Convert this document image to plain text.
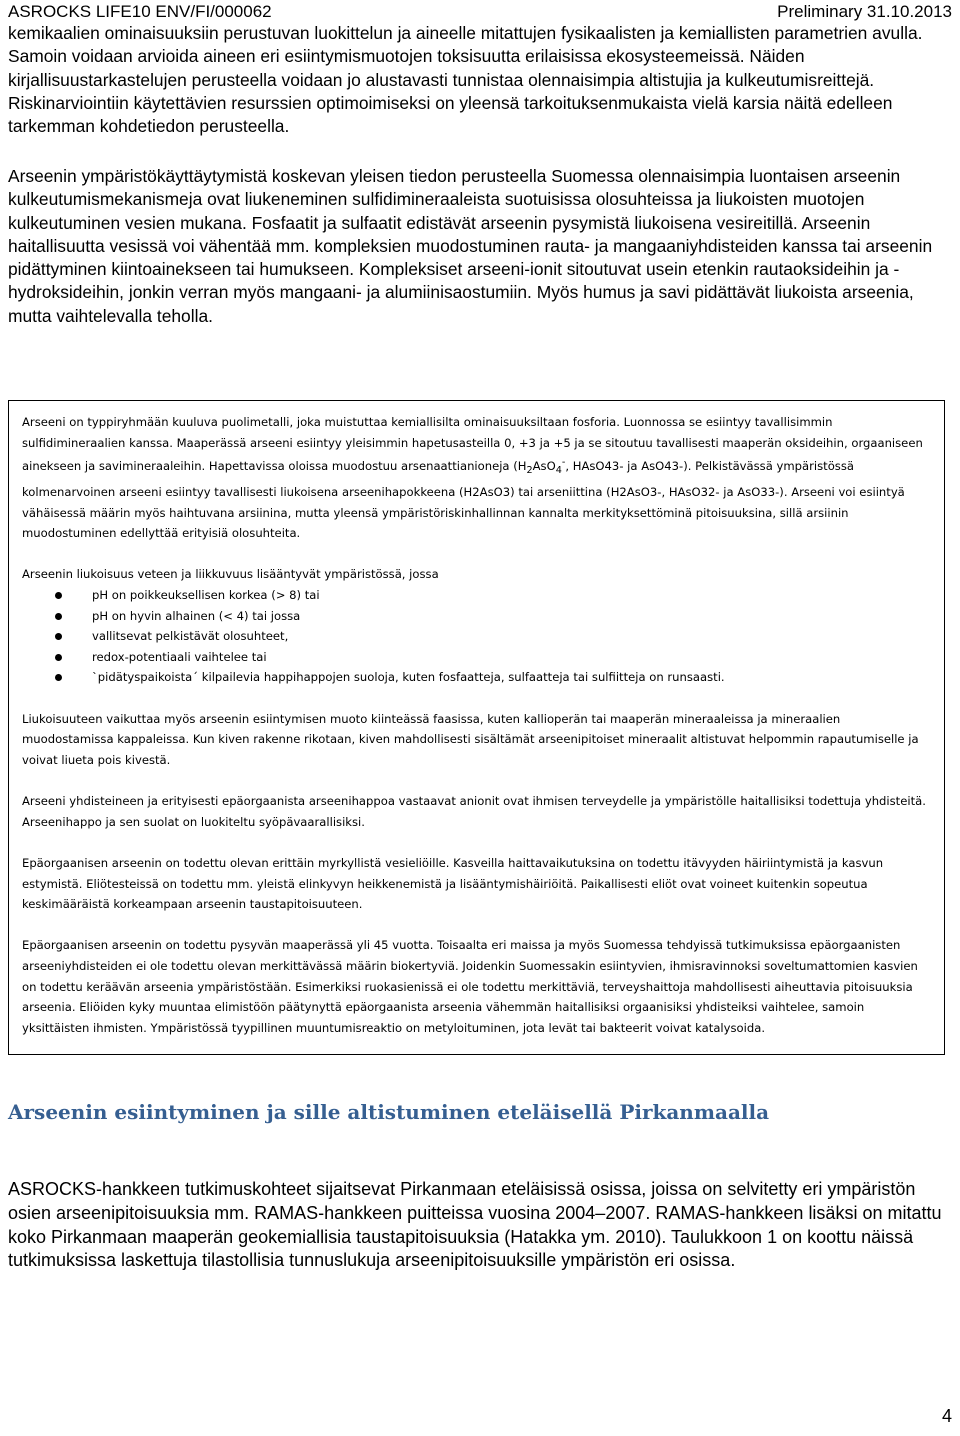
ASROCKS LIFE10 ENV/FI/000062	Preliminary 31.10.2013

kemikaalien ominaisuuksiin perustuvan luokittelun ja aineelle mitattujen fysikaalisten ja kemiallisten parametrien avulla. Samoin voidaan arvioida aineen eri esiintymismuotojen toksisuutta erilaisissa ekosysteemeissä. Näiden kirjallisuustarkastelujen perusteella voidaan jo alustavasti tunnistaa olennaisimpia altistujia ja kulkeutumisreittejä. Riskinarviointiin käytettävien resurssien optimoimiseksi on yleensä tarkoituksenmukaista vielä karsia näitä edelleen tarkemman kohdetiedon perusteella.

Arseenin ympäristökäyttäytymistä koskevan yleisen tiedon perusteella Suomessa olennaisimpia luontaisen arseenin kulkeutumismekanismeja ovat liukeneminen sulfidimineraaleista suotuisissa olosuhteissa ja liukoisten muotojen kulkeutuminen vesien mukana. Fosfaatit ja sulfaatit edistävät arseenin pysymistä liukoisena vesireitillä. Arseenin haitallisuutta vesissä voi vähentää mm. kompleksien muodostuminen rauta- ja mangaaniyhdisteiden kanssa tai arseenin pidättyminen kiintoainekseen tai humukseen. Kompleksiset arseeni-ionit sitoutuvat usein etenkin rautaoksideihin ja -hydroksideihin, jonkin verran myös mangaani- ja alumiinisaostumiin. Myös humus ja savi pidättävät liukoista arseenia, mutta vaihtelevalla teholla.

Arseeni on typpiryhmään kuuluva puolimetalli, joka muistuttaa kemiallisilta ominaisuuksiltaan fosforia. Luonnossa se esiintyy tavallisimmin sulfidimineraalien kanssa. Maaperässä arseeni esiintyy yleisimmin hapetusasteilla 0, +3 ja +5 ja se sitoutuu tavallisesti maaperän oksideihin, orgaaniseen ainekseen ja savimineraaleihin. Hapettavissa oloissa muodostuu arsenaattianioneja ($H_2AsO_4^-$, HAsO43- ja AsO43-). Pelkistävässä ympäristössä kolmenarvoinen arseeni esiintyy tavallisesti liukoisena arseenihapokkeena (H2AsO3) tai arseniittina (H2AsO3-, HAsO32- ja AsO33-). Arseeni voi esiintyä vähäisessä määrin myös haihtuvana arsiinina, mutta yleensä ympäristöriskinhallinnan kannalta merkityksettöminä pitoisuuksina, sillä arsiinin muodostuminen edellyttää erityisiä olosuhteita.

Arseenin liukoisuus veteen ja liikkuvuus lisääntyvät ympäristössä, jossa

pH on poikkeuksellisen korkea (> 8) tai
pH on hyvin alhainen (< 4) tai jossa
vallitsevat pelkistävät olosuhteet,
redox-potentiaali vaihtelee tai
`pidätyspaikoista´ kilpailevia happihappojen suoloja, kuten fosfaatteja, sulfaatteja tai sulfiitteja on runsaasti.

Liukoisuuteen vaikuttaa myös arseenin esiintymisen muoto kiinteässä faasissa, kuten kallioperän tai maaperän mineraaleissa ja mineraalien muodostamissa kappaleissa. Kun kiven rakenne rikotaan, kiven mahdollisesti sisältämät arseenipitoiset mineraalit altistuvat helpommin rapautumiselle ja voivat liueta pois kivestä.

Arseeni yhdisteineen ja erityisesti epäorgaanista arseenihappoa vastaavat anionit ovat ihmisen terveydelle ja ympäristölle haitallisiksi todettuja yhdisteitä. Arseenihappo ja sen suolat on luokiteltu syöpävaarallisiksi.

Epäorgaanisen arseenin on todettu olevan erittäin myrkyllistä vesieliöille. Kasveilla haittavaikutuksina on todettu itävyyden häiriintymistä ja kasvun estymistä. Eliötesteissä on todettu mm. yleistä elinkyvyn heikkenemistä ja lisääntymishäiriöitä. Paikallisesti eliöt ovat voineet kuitenkin sopeutua keskimääräistä korkeampaan arseenin taustapitoisuuteen.

Epäorgaanisen arseenin on todettu pysyvän maaperässä yli 45 vuotta. Toisaalta eri maissa ja myös Suomessa tehdyissä tutkimuksissa epäorgaanisten arseeniyhdisteiden ei ole todettu olevan merkittävässä määrin biokertyviä. Joidenkin Suomessakin esiintyvien, ihmisravinnoksi soveltumattomien kasvien on todettu keräävän arseenia ympäristöstään. Esimerkiksi ruokasienissä ei ole todettu merkittäviä, terveyshaittoja mahdollisesti aiheuttavia pitoisuuksia arseenia. Eliöiden kyky muuntaa elimistöön päätynyttä epäorgaanista arseenia vähemmän haitallisiksi orgaanisiksi yhdisteiksi vaihtelee, samoin yksittäisten ihmisten. Ympäristössä tyypillinen muuntumisreaktio on metyloituminen, jota levät tai bakteerit voivat katalysoida.

Arseenin esiintyminen ja sille altistuminen eteläisellä Pirkanmaalla

ASROCKS-hankkeen tutkimuskohteet sijaitsevat Pirkanmaan eteläisissä osissa, joissa on selvitetty eri ympäristön osien arseenipitoisuuksia mm. RAMAS-hankkeen puitteissa vuosina 2004–2007. RAMAS-hankkeen lisäksi on mitattu koko Pirkanmaan maaperän geokemiallisia taustapitoisuuksia (Hatakka ym. 2010). Taulukkoon 1 on koottu näissä tutkimuksissa laskettuja tilastollisia tunnuslukuja arseenipitoisuuksille ympäristön eri osissa.

4
